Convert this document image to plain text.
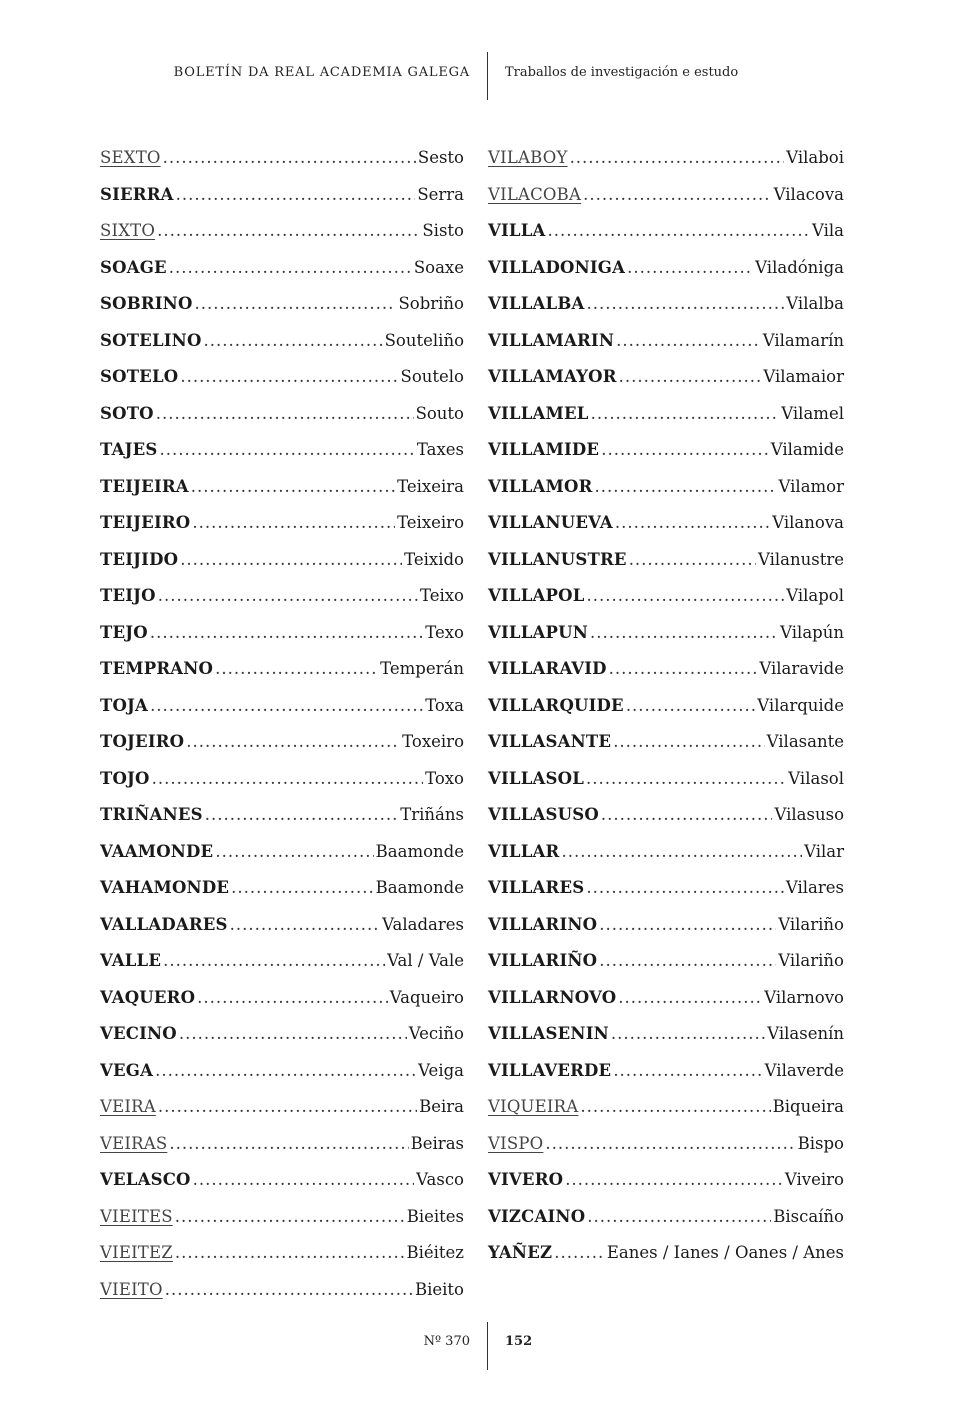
BOLETÍN DA REAL ACADEMIA GALEGA	Traballos de investigación e estudo
SEXTO .....	Sesto
SIERRA .....	Serra
SIXTO .....	Sisto
SOAGE .....	Soaxe
SOBRINO .....	Sobriño
SOTELINO .....	Souteliño
SOTELO .....	Soutelo
SOTO .....	Souto
TAJES .....	Taxes
TEIJEIRA .....	Teixeira
TEIJEIRO .....	Teixeiro
TEIJIDO .....	Teixido
TEIJO .....	Teixo
TEJO .....	Texo
TEMPRANO .....	Temperán
TOJA .....	Toxa
TOJEIRO .....	Toxeiro
TOJO .....	Toxo
TRIÑANES .....	Triñáns
VAAMONDE .....	Baamonde
VAHAMONDE .....	Baamonde
VALLADARES .....	Valadares
VALLE .....	Val / Vale
VAQUERO .....	Vaqueiro
VECINO .....	Veciño
VEGA .....	Veiga
VEIRA .....	Beira
VEIRAS .....	Beiras
VELASCO .....	Vasco
VIEITES .....	Bieites
VIEITEZ .....	Biéitez
VIEITO .....	Bieito
VILABOY .....	Vilaboi
VILACOBA .....	Vilacova
VILLA .....	Vila
VILLADONIGA .....	Viladóniga
VILLALBA .....	Vilalba
VILLAMARIN .....	Vilamarín
VILLAMAYOR .....	Vilamaior
VILLAMEL .....	Vilamel
VILLAMIDE .....	Vilamide
VILLAMOR .....	Vilamor
VILLANUEVA .....	Vilanova
VILLANUSTRE .....	Vilanustre
VILLAPOL .....	Vilapol
VILLAPUN .....	Vilapún
VILLARAVID .....	Vilaravide
VILLARQUIDE .....	Vilarquide
VILLASANTE .....	Vilasante
VILLASOL .....	Vilasol
VILLASUSO .....	Vilasuso
VILLAR .....	Vilar
VILLARES .....	Vilares
VILLARINO .....	Vilariño
VILLARIÑO .....	Vilariño
VILLARNOVO .....	Vilarnovo
VILLASENIN .....	Vilasenín
VILLAVERDE .....	Vilaverde
VIQUEIRA .....	Biqueira
VISPO .....	Bispo
VIVERO .....	Viveiro
VIZCAINO .....	Biscaíño
YAÑEZ .....	Eanes / Ianes / Oanes / Anes
Nº 370	152
